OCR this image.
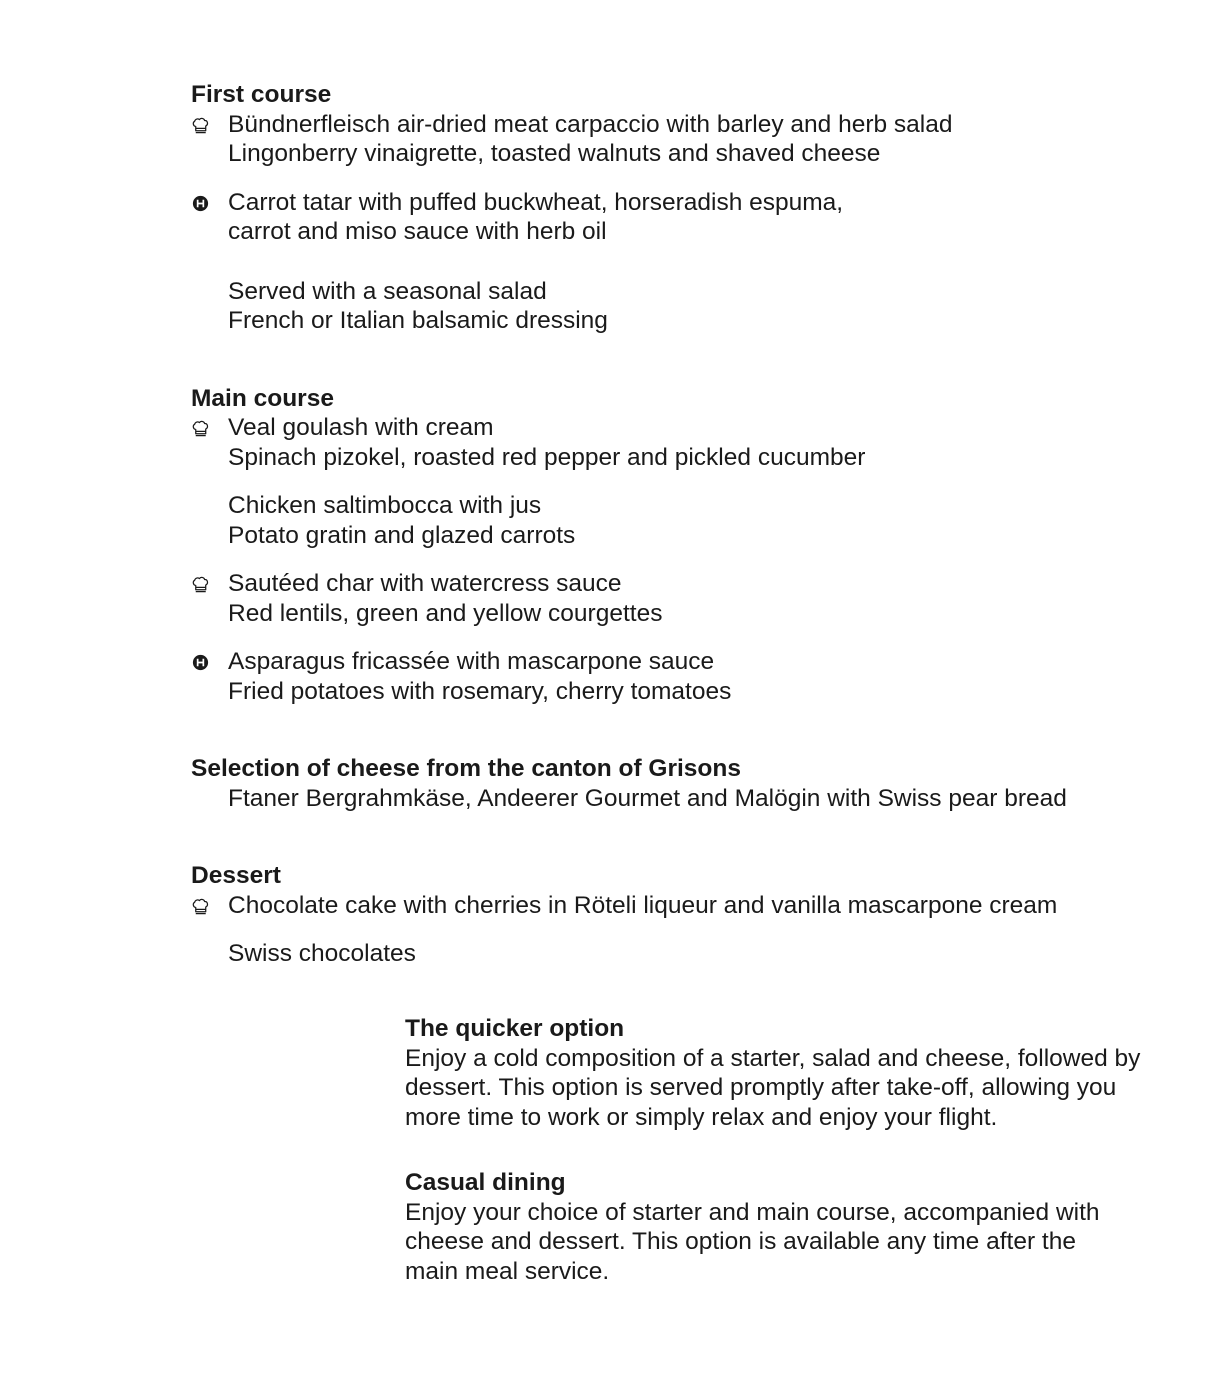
First course
Bündnerfleisch air-dried meat carpaccio with barley and herb salad
Lingonberry vinaigrette, toasted walnuts and shaved cheese
Carrot tatar with puffed buckwheat, horseradish espuma,
carrot and miso sauce with herb oil
Served with a seasonal salad
French or Italian balsamic dressing
Main course
Veal goulash with cream
Spinach pizokel, roasted red pepper and pickled cucumber
Chicken saltimbocca with jus
Potato gratin and glazed carrots
Sautéed char with watercress sauce
Red lentils, green and yellow courgettes
Asparagus fricassée with mascarpone sauce
Fried potatoes with rosemary, cherry tomatoes
Selection of cheese from the canton of Grisons
Ftaner Bergrahmkäse, Andeerer Gourmet and Malögin with Swiss pear bread
Dessert
Chocolate cake with cherries in Röteli liqueur and vanilla mascarpone cream
Swiss chocolates
The quicker option
Enjoy a cold composition of a starter, salad and cheese, followed by
dessert. This option is served promptly after take-off, allowing you
more time to work or simply relax and enjoy your flight.
Casual dining
Enjoy your choice of starter and main course, accompanied with
cheese and dessert. This option is available any time after the
main meal service.
